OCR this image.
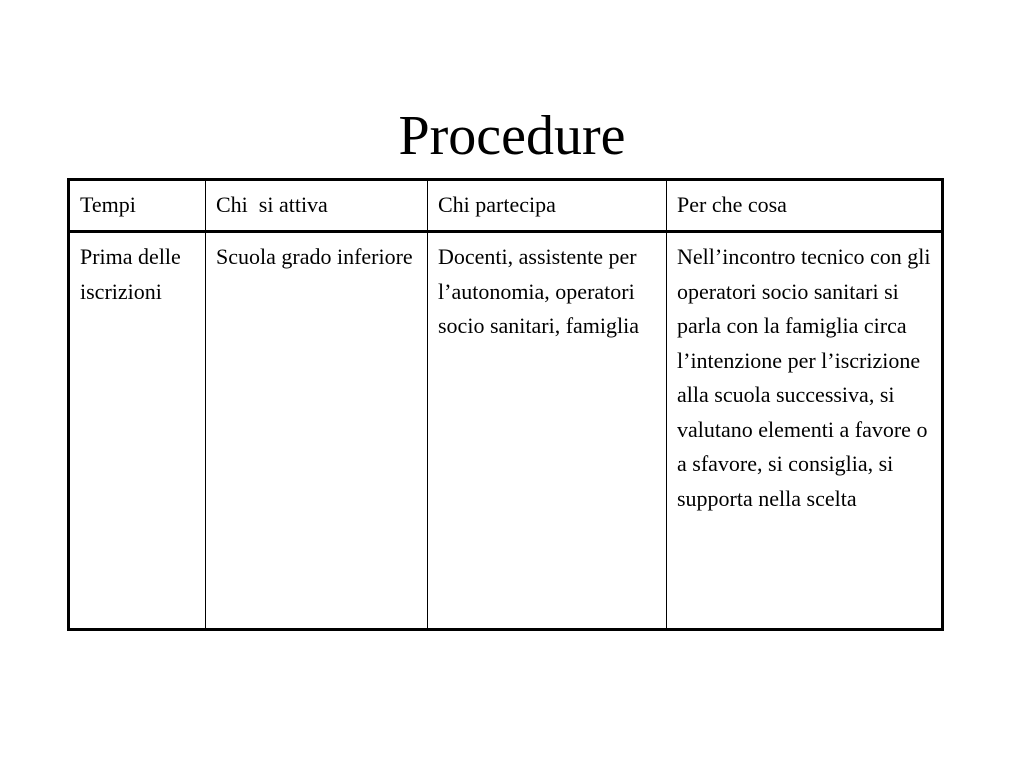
Procedure
Tempi	Chi  si attiva	Chi partecipa	Per che cosa

Prima delle iscrizioni	Scuola grado inferiore	Docenti, assistente per l’autonomia, operatori socio sanitari, famiglia	Nell’incontro tecnico con gli operatori socio sanitari si parla con la famiglia circa l’intenzione per l’iscrizione alla scuola successiva, si valutano elementi a favore o a sfavore, si consiglia, si supporta nella scelta
